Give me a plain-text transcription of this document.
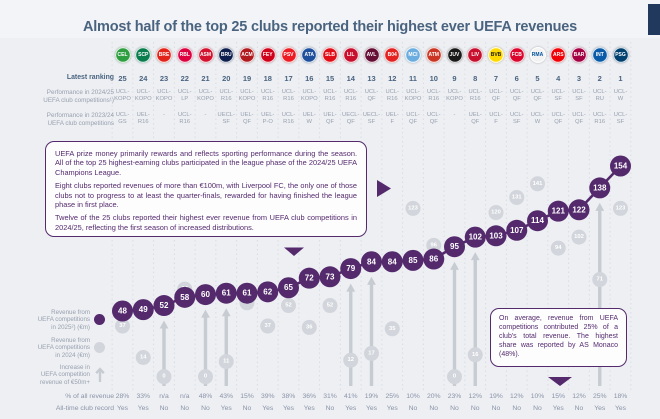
37
14
0	0
11
37
52
36
52
12
17
35
123
96
0
16
120
131
141
94
102
71
123
48 49 52
58 60 61 61 62 65
72 73
79
84 84 85 86
95
102 103
107
114
121 122
138
154
Almost half of the top 25 clubs reported their highest ever UEFA revenues
Latest ranking
Performance in 2024/25
UEFA club competitions¹)
Performance in 2023/24
UEFA club competitions
% of all revenue
All-time club record
CEL
25
UCL-
KOPO
UCL-
GS
28%
Yes
SCP
24
UCL-
KOPO
UEL-
R16
33%
Yes
BRE
23
UCL-
KOPO
-
n/a
No
RBL
22
UCL-
LP
UCL-
R16
n/a
No
ASM
21
UCL-
KOPO
-
48%
No
BRU
20
UCL-
R16
UECL-
SF
43%
Yes
ACM
19
UCL-
KOPO
UEL-
QF
15%
No
FEY
18
UCL-
R16
UEL-
P-O
39%
Yes
PSV
17
UCL-
R16
UCL-
R16
38%
Yes
ATA
16
UCL-
KOPO
UEL-
W
36%
Yes
SLB
15
UCL-
R16
UEL-
QF
31%
No
LIL
14
UCL-
R16
UECL-
QF
41%
Yes
AVL
13
UCL-
QF
UECL-
SF
19%
Yes
B04
12
UCL-
R16
UEL-
F
25%
Yes
MCI
11
UCL-
KOPO
UCL-
QF
10%
No
ATM
10
UCL-
R16
UCL-
QF
20%
No
JUV
9
UCL-
KOPO
-
23%
No
LIV
8
UCL-
R16
UEL-
QF
12%
No
BVB
7
UCL-
QF
UCL-
F
19%
No
FCB
6
UCL-
QF
UCL-
SF
12%
No
RMA
5
UCL-
QF
UCL-
W
10%
No
ARS
4
UCL-
SF
UCL-
QF
15%
Yes
BAR
3
UCL-
SF
UCL-
QF
12%
No
INT
2
UCL-
RU
UCL-
R16
25%
Yes
PSG
1
UCL-
W
UCL-
SF
18%
Yes

UEFA prize money primarily rewards and reflects sporting performance during the season. All of the top 25 highest-earning clubs participated in the league phase of the 2024/25 UEFA Champions League.

Eight clubs reported revenues of more than €100m, with Liverpool FC, the only one of those clubs not to progress to at least the quarter-finals, rewarded for having finished the league phase in first place.

Twelve of the 25 clubs reported their highest ever revenue from UEFA club competitions in 2024/25, reflecting the first season of increased distributions.

On average, revenue from UEFA competitions contributed 25% of a club's total revenue. The highest share was reported by AS Monaco (48%).

Revenue from
UEFA competitions
in 2025²) (€m)
Revenue from
UEFA competitions
in 2024 (€m)
Increase in
UEFA competition
revenue of €50m+
